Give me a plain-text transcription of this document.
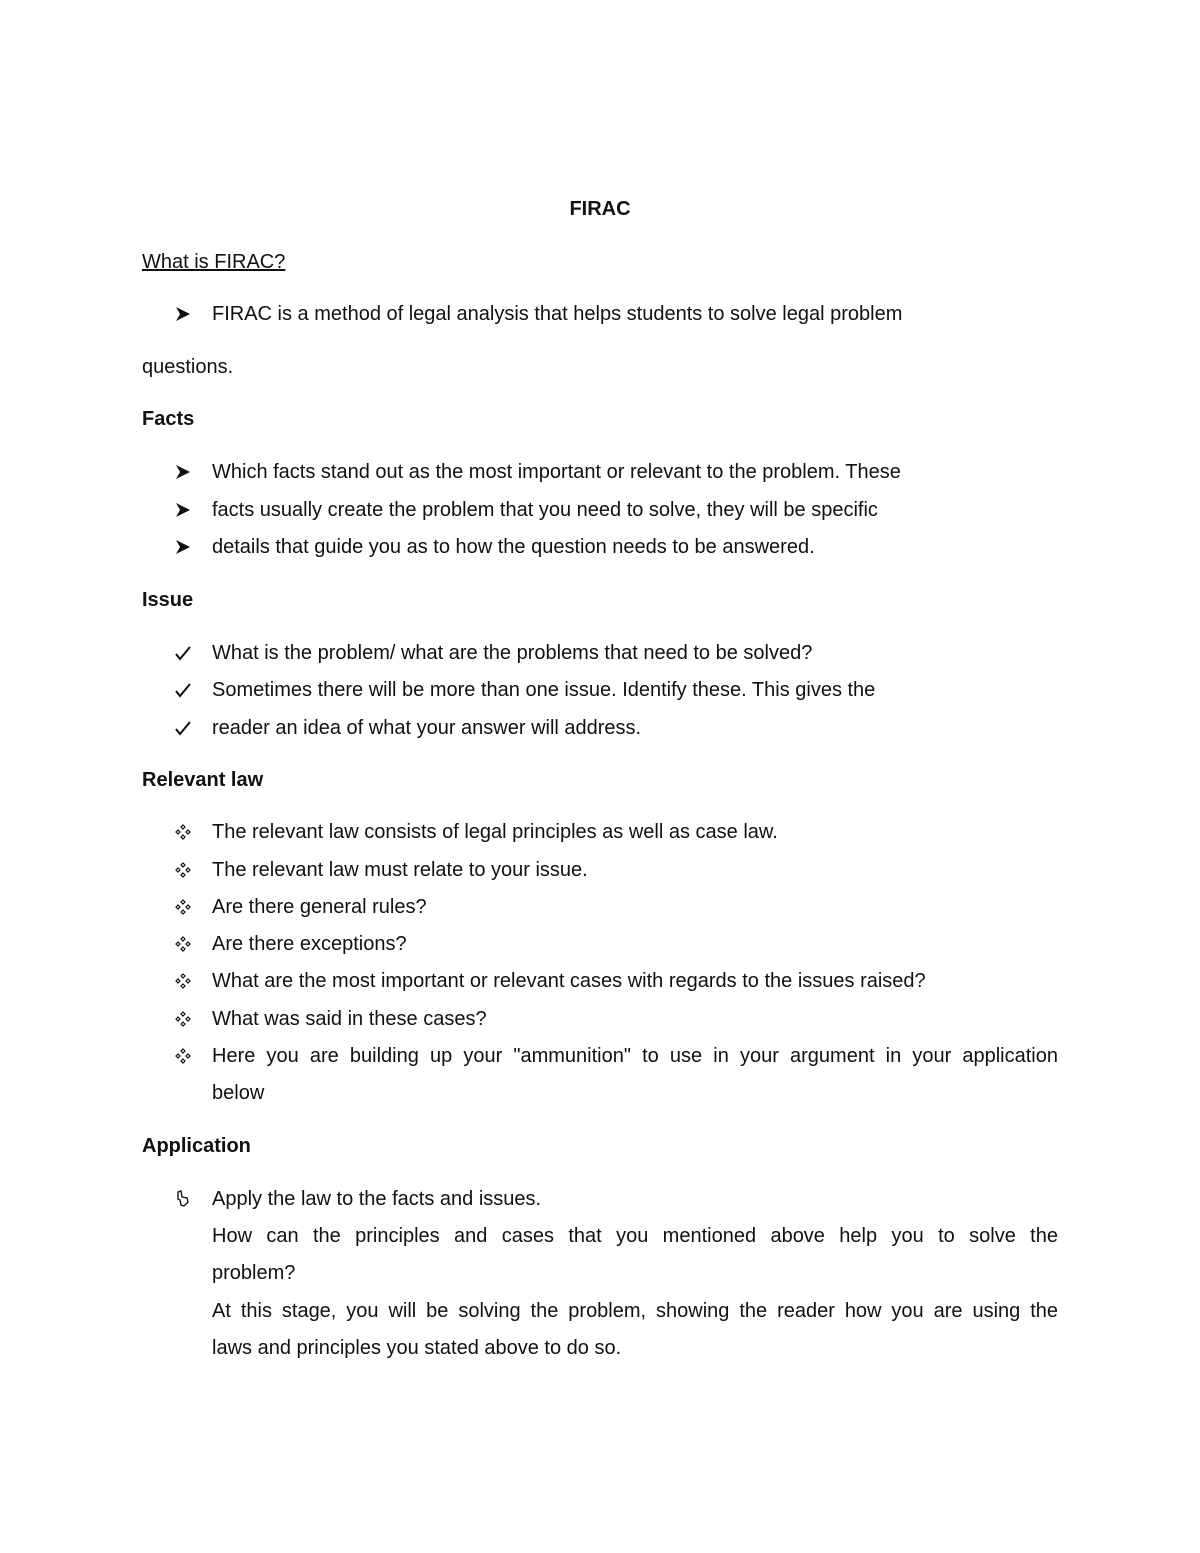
FIRAC
What is FIRAC?
FIRAC is a method of legal analysis that helps students to solve legal problem
questions.
Facts
Which facts stand out as the most important or relevant to the problem. These
facts usually create the problem that you need to solve, they will be specific
details that guide you as to how the question needs to be answered.
Issue
What is the problem/ what are the problems that need to be solved?
Sometimes there will be more than one issue. Identify these. This gives the
reader an idea of what your answer will address.
Relevant law
The relevant law consists of legal principles as well as case law.
The relevant law must relate to your issue.
Are there general rules?
Are there exceptions?
What are the most important or relevant cases with regards to the issues raised?
What was said in these cases?
Here you are building up your "ammunition" to use in your argument in your application
below
Application
Apply the law to the facts and issues.
How can the principles and cases that you mentioned above help you to solve the
problem?
At this stage, you will be solving the problem, showing the reader how you are using the
laws and principles you stated above to do so.
